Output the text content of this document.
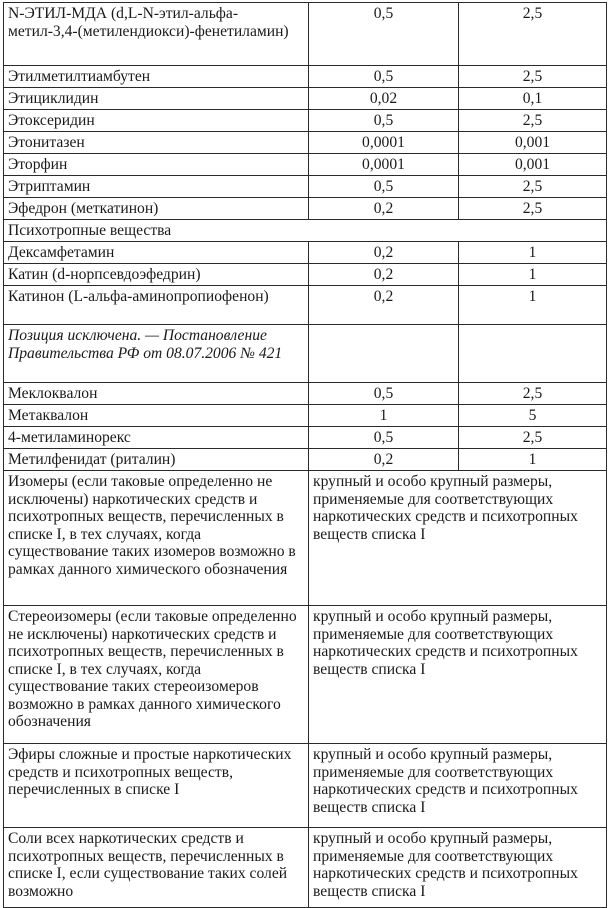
N-ЭТИЛ-МДА (d,L-N-этил-альфа-метил-3,4-(метилендиокси)-фенетиламин)	0,5	2,5
Этилметилтиамбутен	0,5	2,5
Этициклидин	0,02	0,1
Этоксеридин	0,5	2,5
Этонитазен	0,0001	0,001
Эторфин	0,0001	0,001
Этриптамин	0,5	2,5
Эфедрон (меткатинон)	0,2	2,5
Психотропные вещества		
Дексамфетамин	0,2	1
Катин (d-норпсевдоэфедрин)	0,2	1
Катинон (L-альфа-аминопропиофенон)	0,2	1
Позиция исключена. — Постановление Правительства РФ от 08.07.2006 № 421		
Меклоквалон	0,5	2,5
Метаквалон	1	5
4-метиламинорекс	0,5	2,5
Метилфенидат (риталин)	0,2	1
Изомеры (если таковые определенно не исключены) наркотических средств и психотропных веществ, перечисленных в списке I, в тех случаях, когда существование таких изомеров возможно в рамках данного химического обозначения	крупный и особо крупный размеры, применяемые для соответствующих наркотических средств и психотропных веществ списка I	
Стереоизомеры (если таковые определенно не исключены) наркотических средств и психотропных веществ, перечисленных в списке I, в тех случаях, когда существование таких стереоизомеров возможно в рамках данного химического обозначения	крупный и особо крупный размеры, применяемые для соответствующих наркотических средств и психотропных веществ списка I	
Эфиры сложные и простые наркотических средств и психотропных веществ, перечисленных в списке I	крупный и особо крупный размеры, применяемые для соответствующих наркотических средств и психотропных веществ списка I	
Соли всех наркотических средств и психотропных веществ, перечисленных в списке I, если существование таких солей возможно	крупный и особо крупный размеры, применяемые для соответствующих наркотических средств и психотропных веществ списка I	
